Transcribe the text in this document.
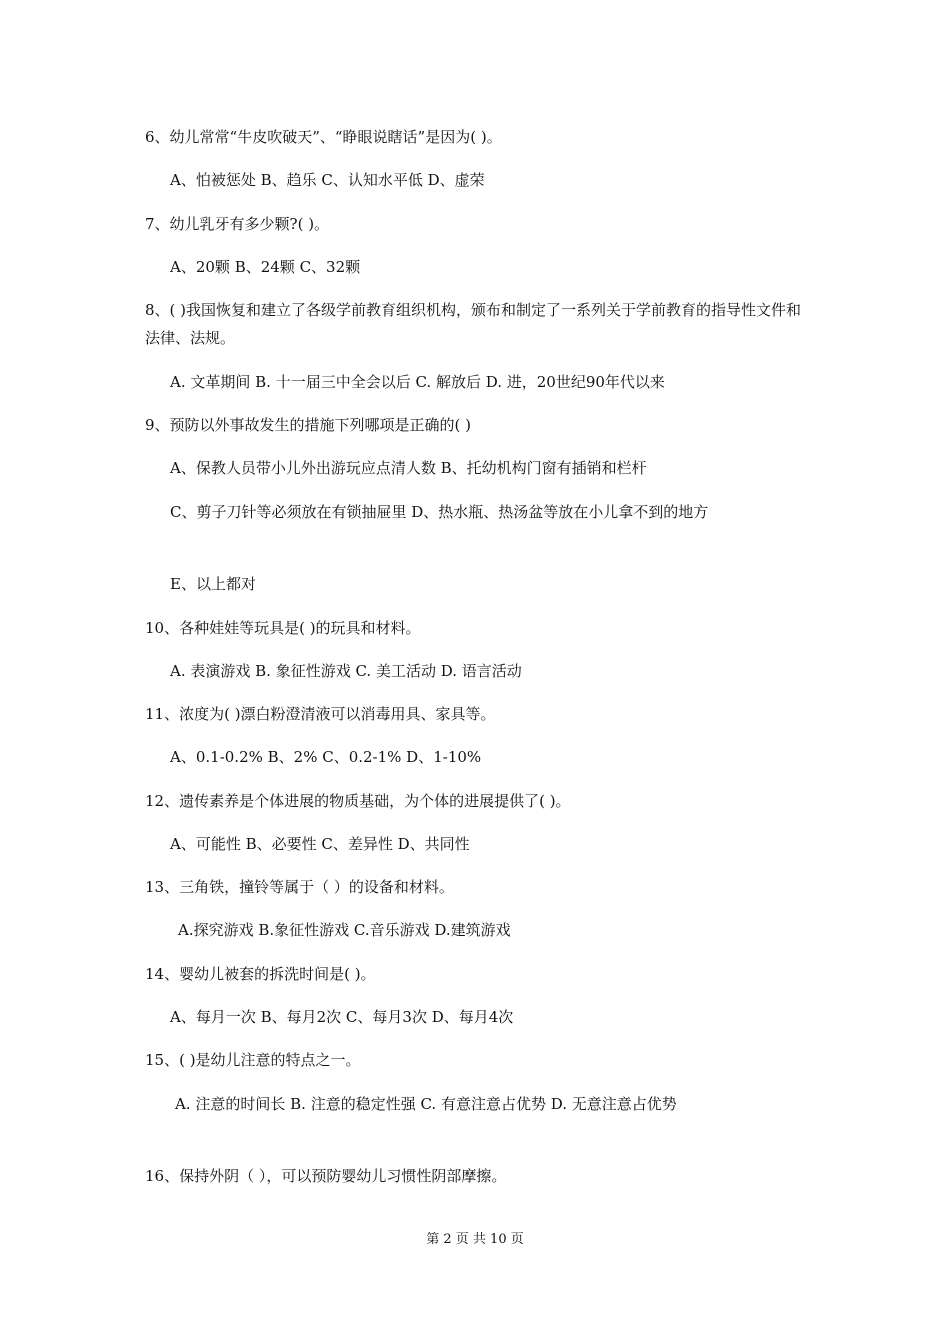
6、幼儿常常“牛皮吹破天”、“睁眼说瞎话”是因为( )。
A、怕被惩处 B、趋乐 C、认知水平低 D、虚荣
7、幼儿乳牙有多少颗?( )。
A、20颗 B、24颗 C、32颗
8、( )我国恢复和建立了各级学前教育组织机构，颁布和制定了一系列关于学前教育的指导性文件和法律、法规。
A. 文革期间 B. 十一届三中全会以后 C. 解放后 D. 进，20世纪90年代以来
9、预防以外事故发生的措施下列哪项是正确的( )
A、保教人员带小儿外出游玩应点清人数 B、托幼机构门窗有插销和栏杆
C、剪子刀针等必须放在有锁抽屉里 D、热水瓶、热汤盆等放在小儿拿不到的地方
E、以上都对
10、各种娃娃等玩具是( )的玩具和材料。
A. 表演游戏 B. 象征性游戏 C. 美工活动 D. 语言活动
11、浓度为( )漂白粉澄清液可以消毒用具、家具等。
A、0.1-0.2% B、2% C、0.2-1% D、1-10%
12、遗传素养是个体进展的物质基础，为个体的进展提供了( )。
A、可能性 B、必要性 C、差异性 D、共同性
13、三角铁，撞铃等属于（ ）的设备和材料。
A.探究游戏 B.象征性游戏 C.音乐游戏 D.建筑游戏
14、婴幼儿被套的拆洗时间是( )。
A、每月一次 B、每月2次 C、每月3次 D、每月4次
15、( )是幼儿注意的特点之一。
A. 注意的时间长 B. 注意的稳定性强 C. 有意注意占优势 D. 无意注意占优势
16、保持外阴（ ），可以预防婴幼儿习惯性阴部摩擦。
第 2 页 共 10 页
